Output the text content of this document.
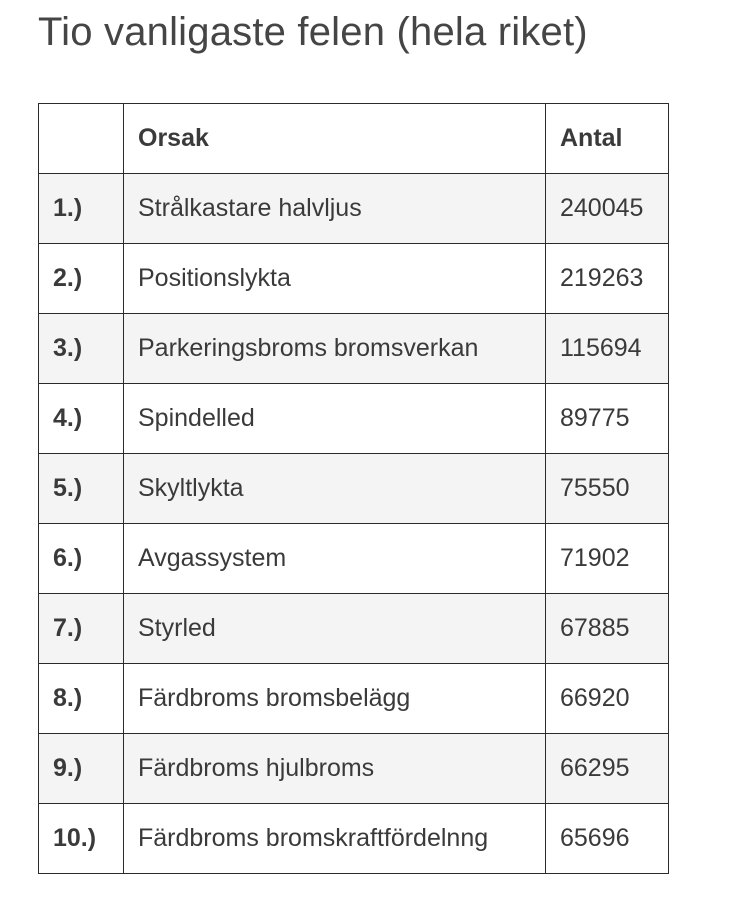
Tio vanligaste felen (hela riket)
	Orsak	Antal
1.)	Strålkastare halvljus	240045
2.)	Positionslykta	219263
3.)	Parkeringsbroms bromsverkan	115694
4.)	Spindelled	89775
5.)	Skyltlykta	75550
6.)	Avgassystem	71902
7.)	Styrled	67885
8.)	Färdbroms bromsbelägg	66920
9.)	Färdbroms hjulbroms	66295
10.)	Färdbroms bromskraftfördelnng	65696
